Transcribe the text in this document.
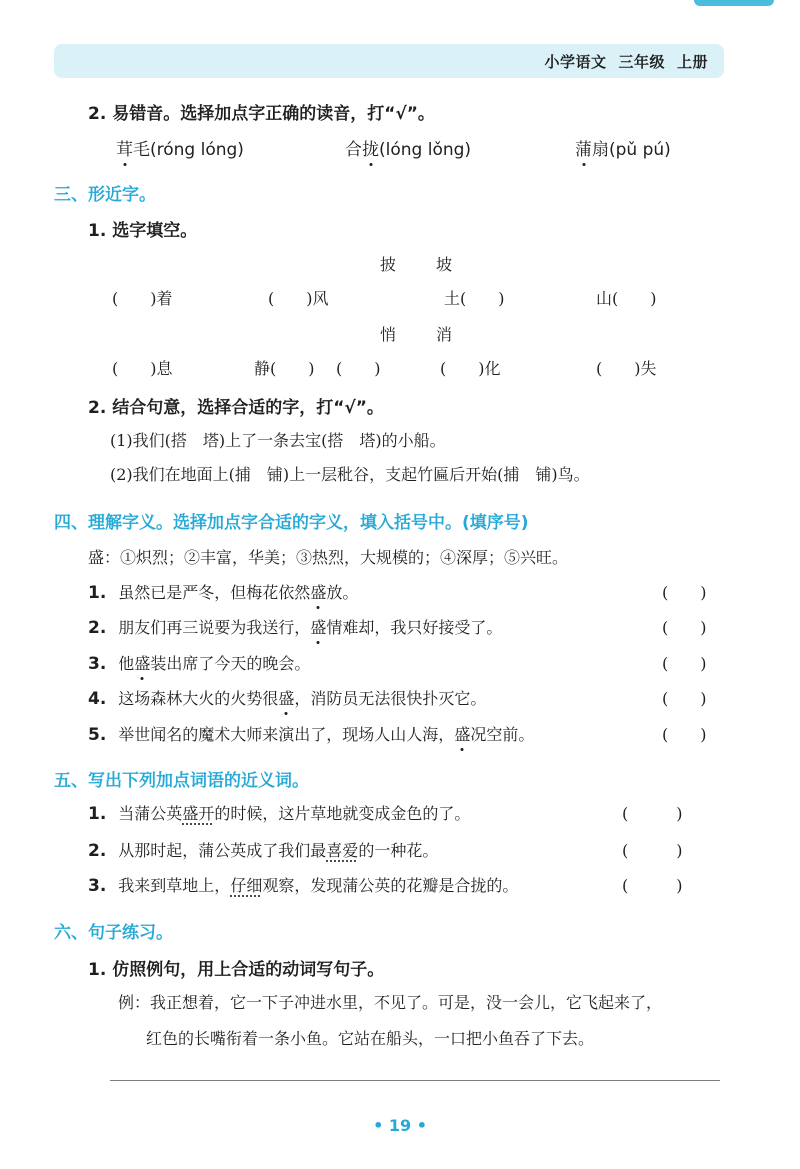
小学语文 三年级 上册
2. 易错音。选择加点字正确的读音，打“√”。
茸毛(róng lóng)	合拢(lóng lǒng)	蒲扇(pǔ pú)
三、形近字。
1. 选字填空。
披 坡
(　　)着	(　　)风	土(　　)	山(　　)
悄 消
(　　)息	静(　　) (　　)	(　　)化	(　　)失
2. 结合句意，选择合适的字，打“√”。
(1)我们(搭　塔)上了一条去宝(搭　塔)的小船。
(2)我们在地面上(捕　铺)上一层秕谷，支起竹匾后开始(捕　铺)鸟。
四、理解字义。选择加点字合适的字义，填入括号中。(填序号)
盛：①炽烈；②丰富，华美；③热烈，大规模的；④深厚；⑤兴旺。
1. 虽然已是严冬，但梅花依然盛放。	(　　)
2. 朋友们再三说要为我送行，盛情难却，我只好接受了。	(　　)
3. 他盛装出席了今天的晚会。	(　　)
4. 这场森林大火的火势很盛，消防员无法很快扑灭它。	(　　)
5. 举世闻名的魔术大师来演出了，现场人山人海，盛况空前。	(　　)
五、写出下列加点词语的近义词。
1. 当蒲公英盛开的时候，这片草地就变成金色的了。	(　　　)
2. 从那时起，蒲公英成了我们最喜爱的一种花。	(　　　)
3. 我来到草地上，仔细观察，发现蒲公英的花瓣是合拢的。	(　　　)
六、句子练习。
1. 仿照例句，用上合适的动词写句子。
例：我正想着，它一下子冲进水里，不见了。可是，没一会儿，它飞起来了，
红色的长嘴衔着一条小鱼。它站在船头，一口把小鱼吞了下去。
• 19 •
